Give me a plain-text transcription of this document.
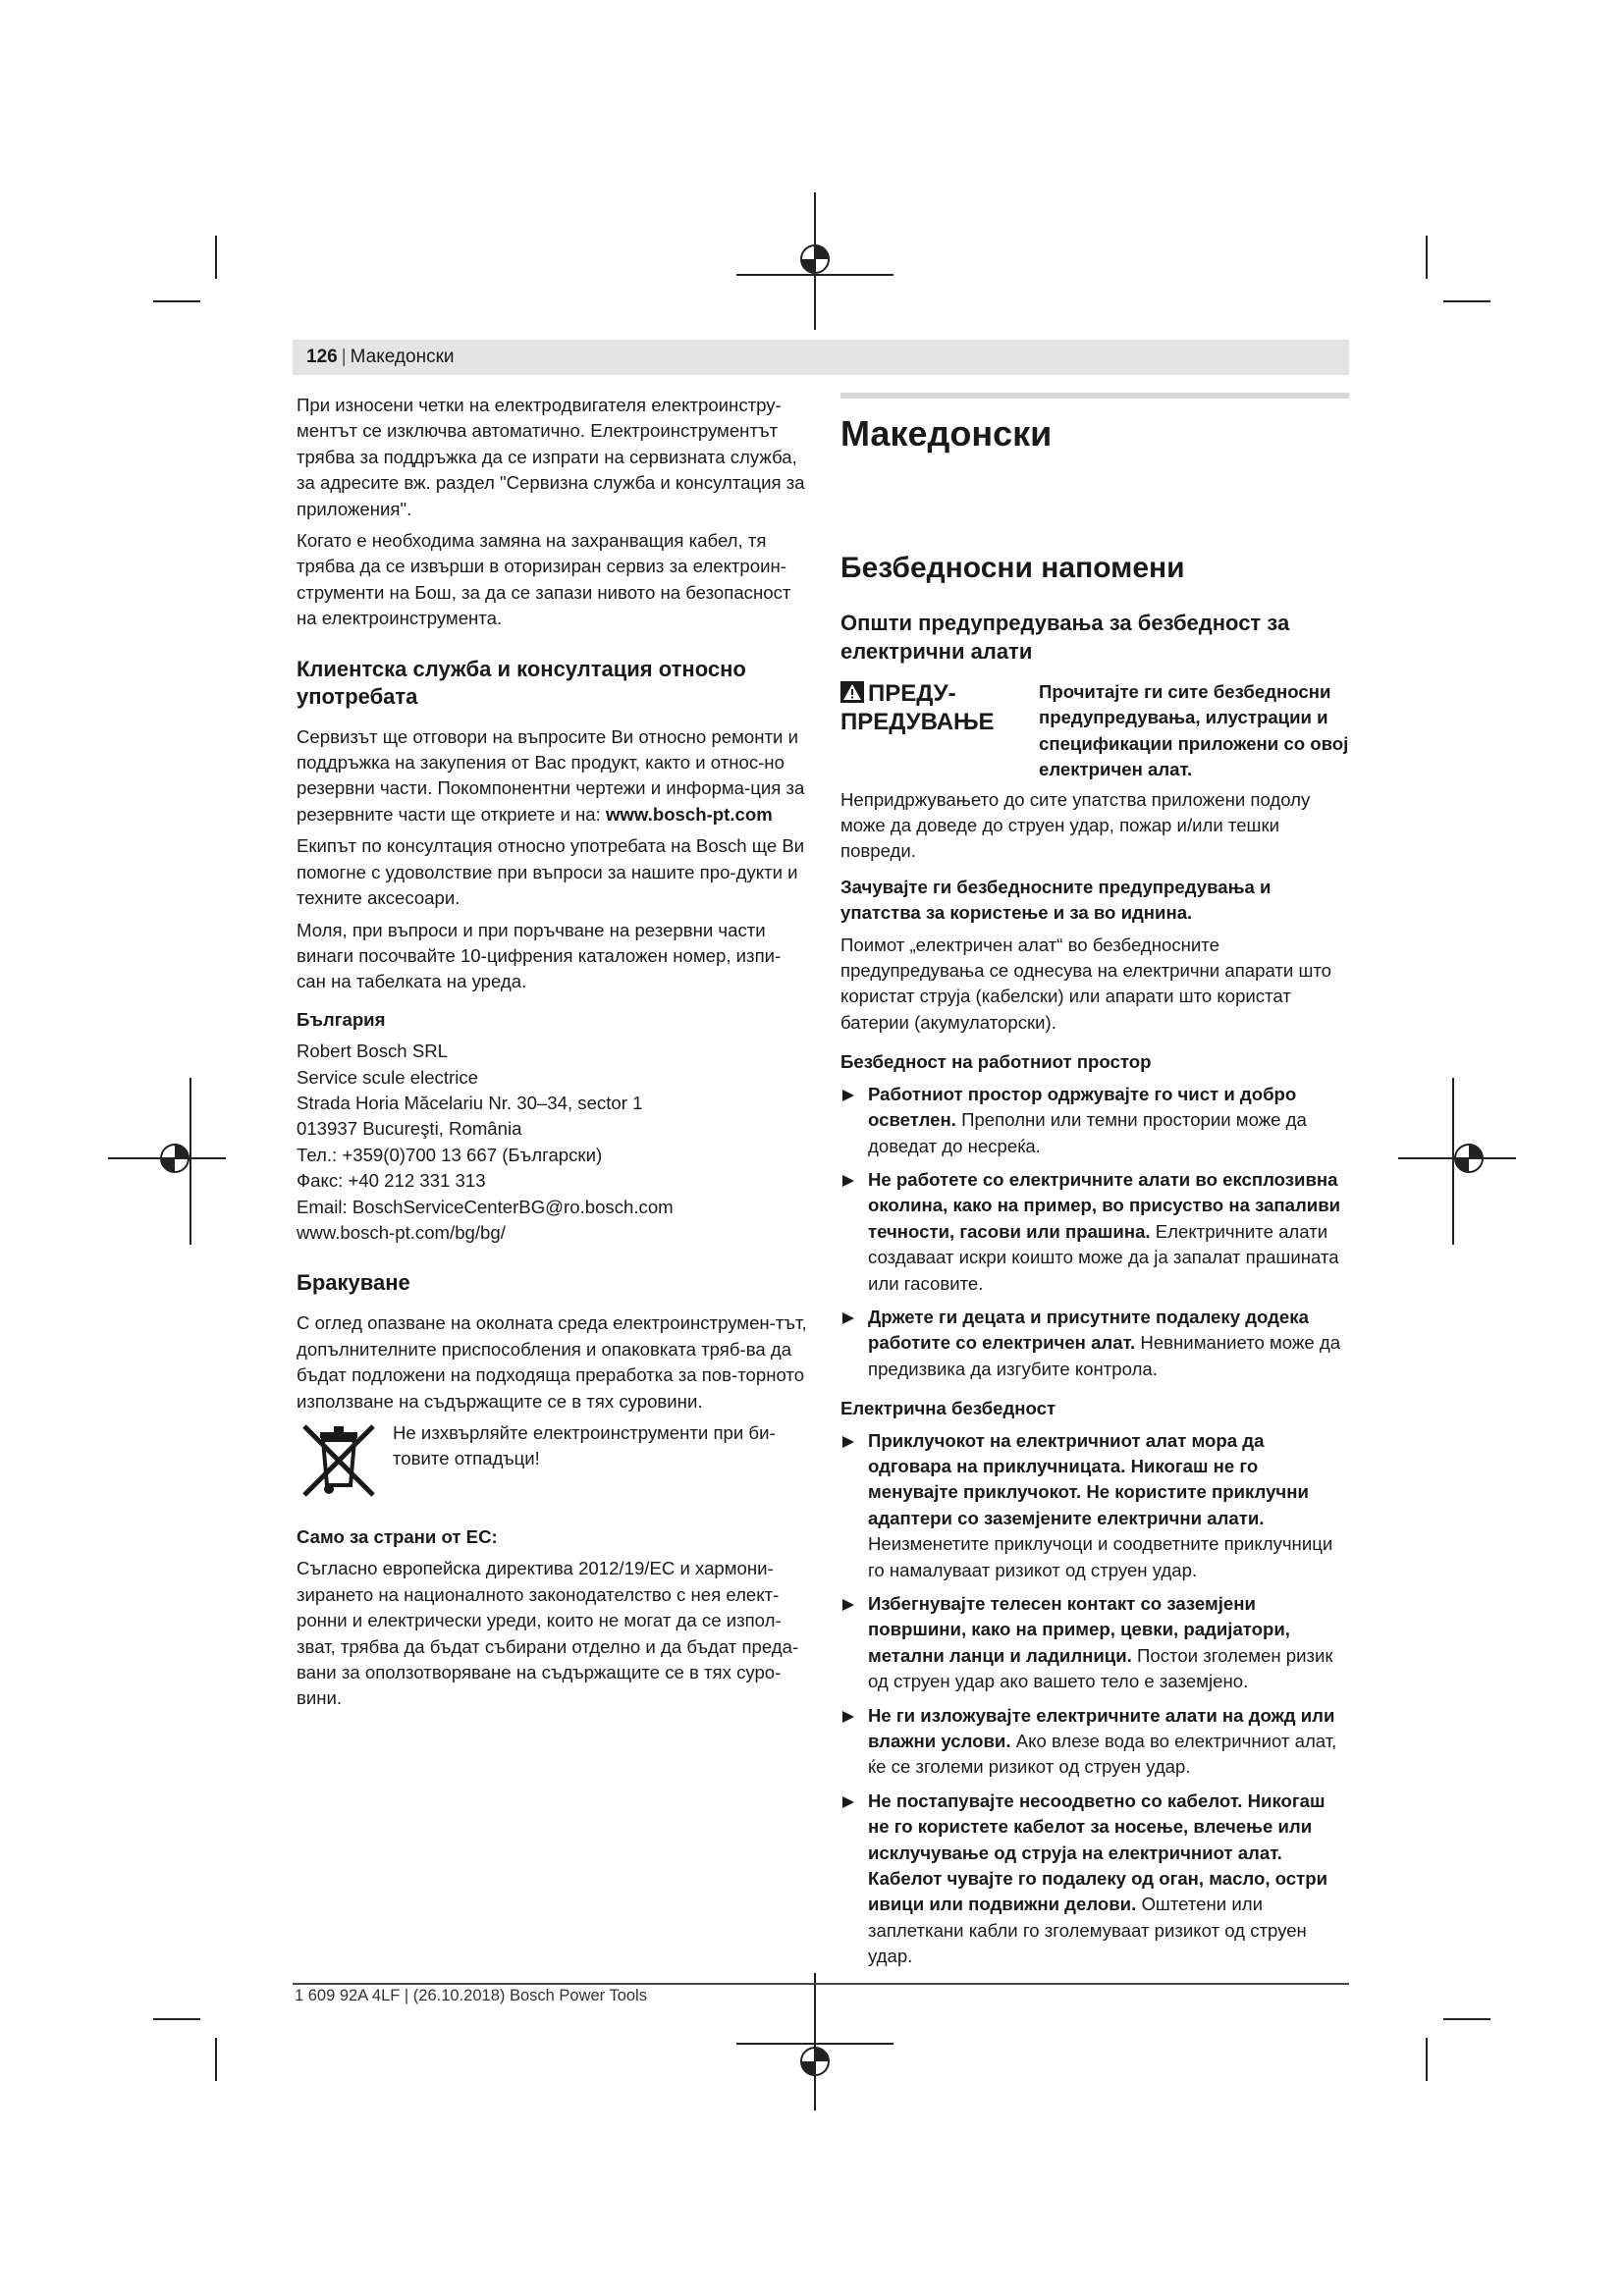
126 | Македонски

При износени четки на електродвигателя електроинстру-ментът се изключва автоматично. Електроинструментът трябва за поддръжка да се изпрати на сервизната служба, за адресите вж. раздел "Сервизна служба и консултация за приложения".

Когато е необходима замяна на захранващия кабел, тя трябва да се извърши в оторизиран сервиз за електроин-струменти на Бош, за да се запази нивото на безопасност на електроинструмента.

Клиентска служба и консултация относно употребата

Сервизът ще отговори на въпросите Ви относно ремонти и поддръжка на закупения от Вас продукт, както и относ-но резервни части. Покомпонентни чертежи и информа-ция за резервните части ще откриете и на: www.bosch-pt.com

Екипът по консултация относно употребата на Bosch ще Ви помогне с удоволствие при въпроси за нашите про-дукти и техните аксесоари.

Моля, при въпроси и при поръчване на резервни части винаги посочвайте 10-цифрения каталожен номер, изпи-сан на табелката на уреда.

България

Robert Bosch SRL

Service scule electrice

Strada Horia Măcelariu Nr. 30–34, sector 1

013937 Bucureşti, România

Тел.: +359(0)700 13 667 (Български)

Факс: +40 212 331 313

Email: BoschServiceCenterBG@ro.bosch.com

www.bosch-pt.com/bg/bg/

Бракуване

С оглед опазване на околната среда електроинструмен-тът, допълнителните приспособления и опаковката тряб-ва да бъдат подложени на подходяща преработка за пов-торното използване на съдържащите се в тях суровини.

Не изхвърляйте електроинструменти при би-товите отпадъци!
Само за страни от ЕС:

Съгласно европейска директива 2012/19/ЕС и хармони-зирането на националното законодателство с нея елект-ронни и електрически уреди, които не могат да се изпол-зват, трябва да бъдат събирани отделно и да бъдат преда-вани за оползотворяване на съдържащите се в тях суро-вини.

Македонски
Безбедносни напомени
Општи предупредувања за безбедност за електрични алати
ПРЕДУ-ПРЕДУВАЊЕ
Прочитајте ги сите безбедносни предупредувања, илустрации и спецификации приложени со овој електричен алат.

Непридржувањето до сите упатства приложени подолу може да доведе до струен удар, пожар и/или тешки повреди.

Зачувајте ги безбедносните предупредувања и упатства за користење и за во иднина.

Поимот „електричен алат“ во безбедносните предупредувања се однесува на електрични апарати што користат струја (кабелски) или апарати што користат батерии (акумулаторски).

Безбедност на работниот простор
Работниот простор одржувајте го чист и добро осветлен. Преполни или темни простории може да доведат до несреќа.
Не работете со електричните алати во експлозивна околина, како на пример, во присуство на запаливи течности, гасови или прашина. Електричните алати создаваат искри коишто може да ја запалат прашината или гасовите.
Држете ги децата и присутните подалеку додека работите со електричен алат. Невниманието може да предизвика да изгубите контрола.
Електрична безбедност
Приклучокот на електричниот алат мора да одговара на приклучницата. Никогаш не го менувајте приклучокот. Не користите приклучни адаптери со заземјените електрични алати. Неизменетите приклучоци и соодветните приклучници го намалуваат ризикот од струен удар.
Избегнувајте телесен контакт со заземјени површини, како на пример, цевки, радијатори, метални ланци и ладилници. Постои зголемен ризик од струен удар ако вашето тело е заземјено.
Не ги изложувајте електричните алати на дожд или влажни услови. Ако влезе вода во електричниот алат, ќе се зголеми ризикот од струен удар.
Не постапувајте несоодветно со кабелот. Никогаш не го користете кабелот за носење, влечење или исклучување од струја на електричниот алат. Кабелот чувајте го подалеку од оган, масло, остри ивици или подвижни делови. Оштетени или заплеткани кабли го зголемуваат ризикот од струен удар.
1 609 92A 4LF | (26.10.2018) Bosch Power Tools
